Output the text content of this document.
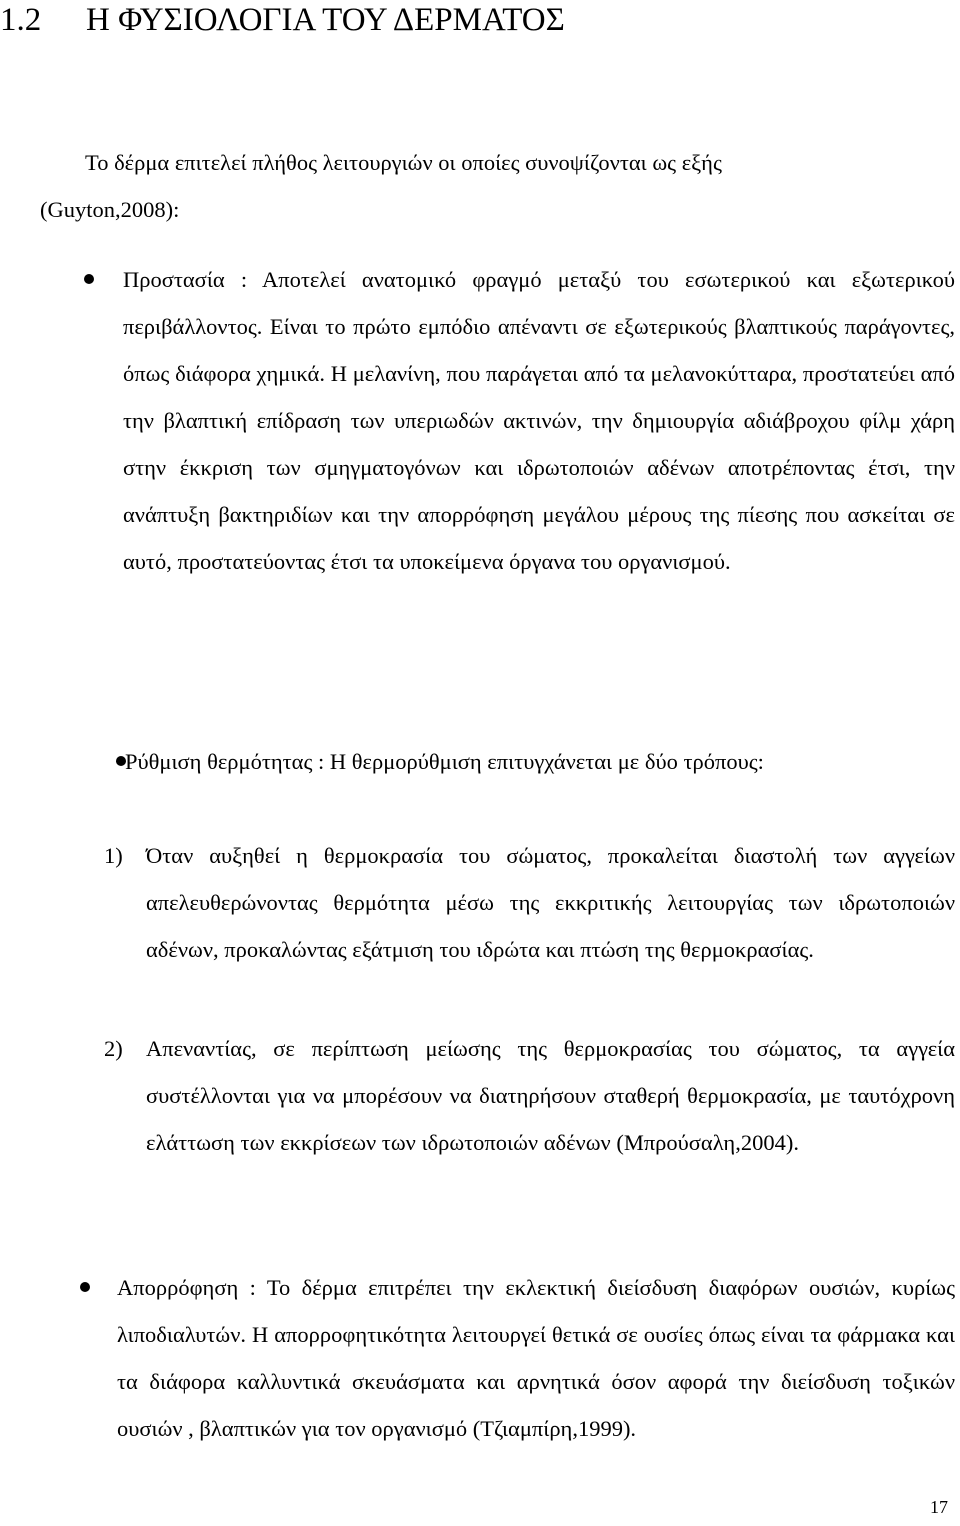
1.2 Η ΦΥΣΙΟΛΟΓΙΑ ΤΟΥ ΔΕΡΜΑΤΟΣ

Το δέρμα επιτελεί πλήθος λειτουργιών οι οποίες συνοψίζονται ως εξής

(Guyton,2008):

Προστασία : Αποτελεί ανατομικό φραγμό μεταξύ του εσωτερικού και εξωτερικού περιβάλλοντος. Είναι το πρώτο εμπόδιο απέναντι σε εξωτερικούς βλαπτικούς παράγοντες, όπως διάφορα χημικά. Η μελανίνη, που παράγεται από τα μελανοκύτταρα, προστατεύει από την βλαπτική επίδραση των υπεριωδών ακτινών, την δημιουργία αδιάβροχου φίλμ χάρη στην έκκριση των σμηγματογόνων και ιδρωτοποιών αδένων αποτρέποντας έτσι, την ανάπτυξη βακτηριδίων και την απορρόφηση μεγάλου μέρους της πίεσης που ασκείται σε αυτό, προστατεύοντας έτσι τα υποκείμενα όργανα του οργανισμού.

Ρύθμιση θερμότητας : Η θερμορύθμιση επιτυγχάνεται με δύο τρόπους:

1) Όταν αυξηθεί η θερμοκρασία του σώματος, προκαλείται διαστολή των αγγείων απελευθερώνοντας θερμότητα μέσω της εκκριτικής λειτουργίας των ιδρωτοποιών αδένων, προκαλώντας εξάτμιση του ιδρώτα και πτώση της θερμοκρασίας.

2) Απεναντίας, σε περίπτωση μείωσης της θερμοκρασίας του σώματος, τα αγγεία συστέλλονται για να μπορέσουν να διατηρήσουν σταθερή θερμοκρασία, με ταυτόχρονη ελάττωση των εκκρίσεων των ιδρωτοποιών αδένων (Μπρούσαλη,2004).

Απορρόφηση : Το δέρμα επιτρέπει την εκλεκτική διείσδυση διαφόρων ουσιών, κυρίως λιποδιαλυτών. Η απορροφητικότητα λειτουργεί θετικά σε ουσίες όπως είναι τα φάρμακα και τα διάφορα καλλυντικά σκευάσματα και αρνητικά όσον αφορά την διείσδυση τοξικών ουσιών , βλαπτικών για τον οργανισμό (Τζιαμπίρη,1999).

17
